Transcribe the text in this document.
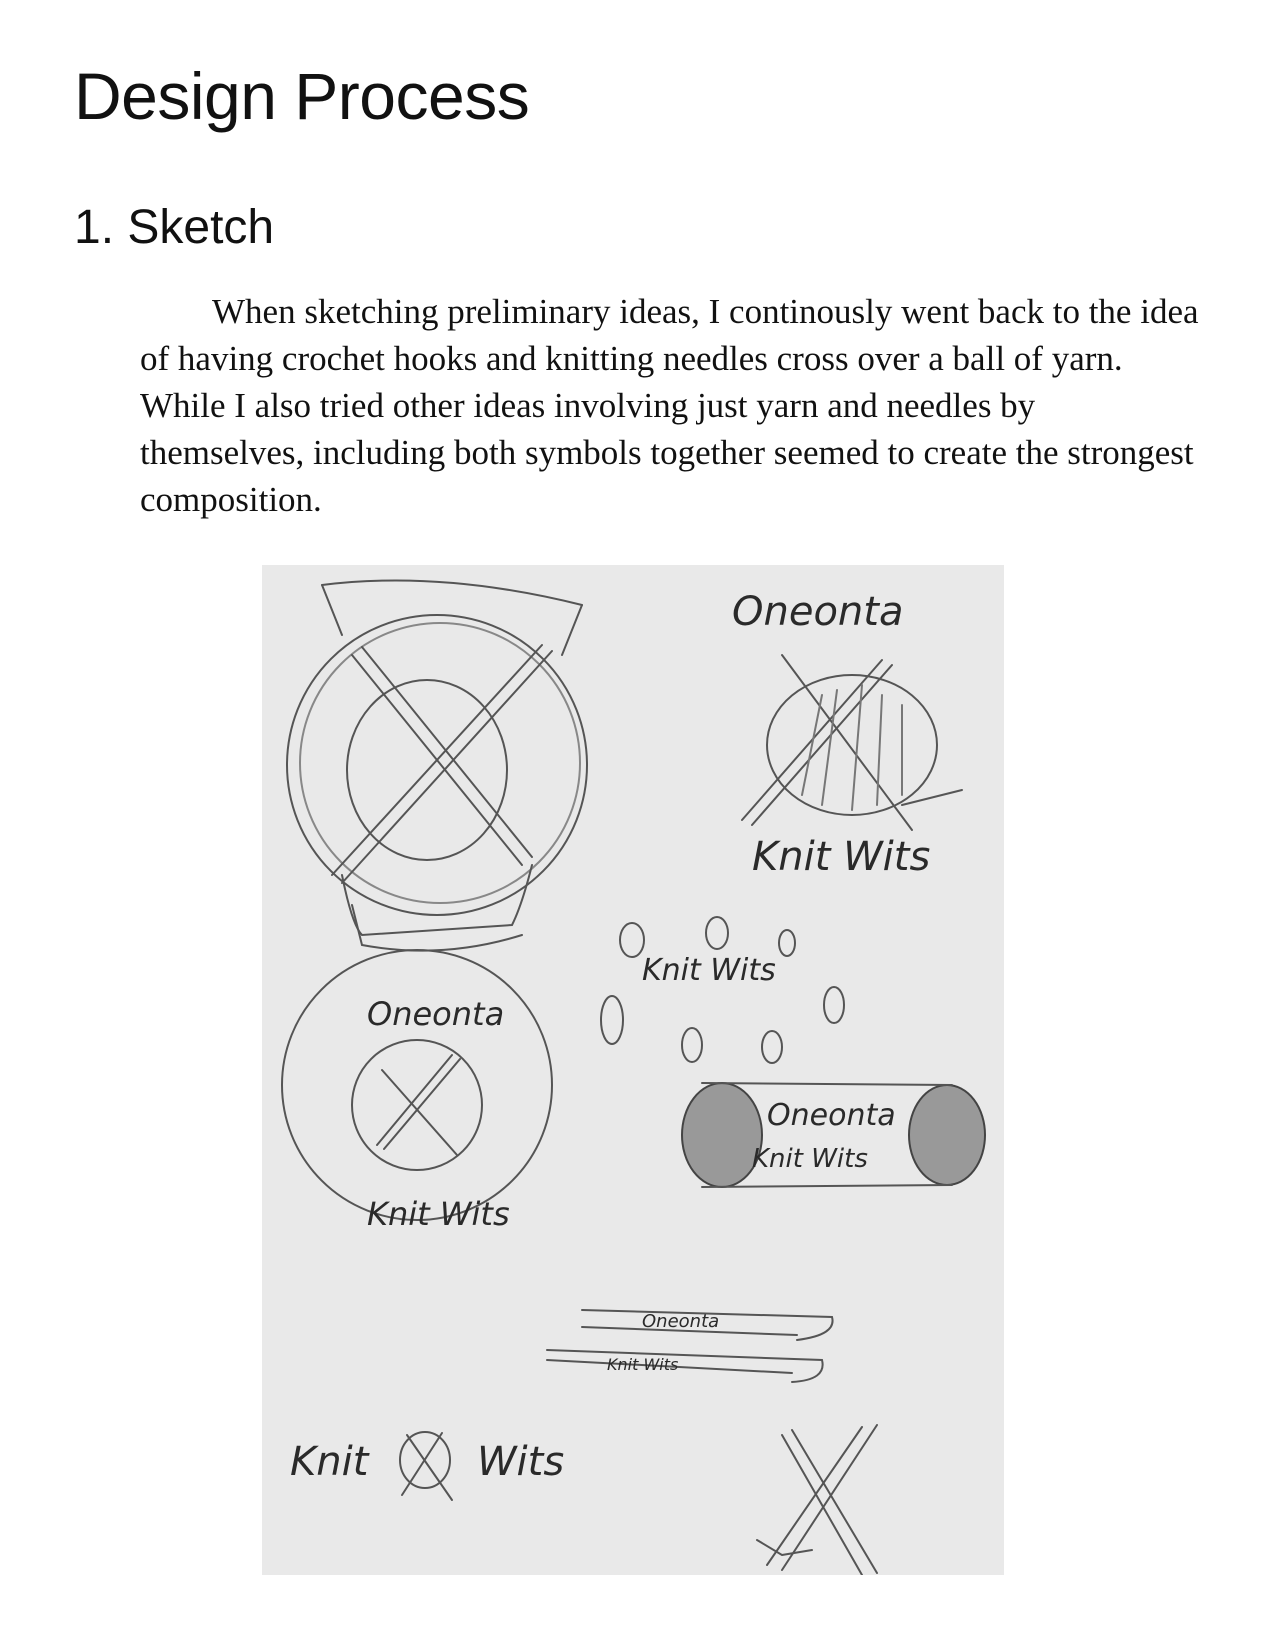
Design Process
1. Sketch

When sketching preliminary ideas, I continously went back to the idea of having crochet hooks and knitting needles cross over a ball of yarn. While I also tried other ideas involving just yarn and needles by themselves, including both symbols together seemed to create the strongest composition.

Oneonta
Knit Wits
Knit Wits
Oneonta
Knit Wits
Oneonta
Knit Wits
Oneonta
Knit Wits
Knit	Wits
